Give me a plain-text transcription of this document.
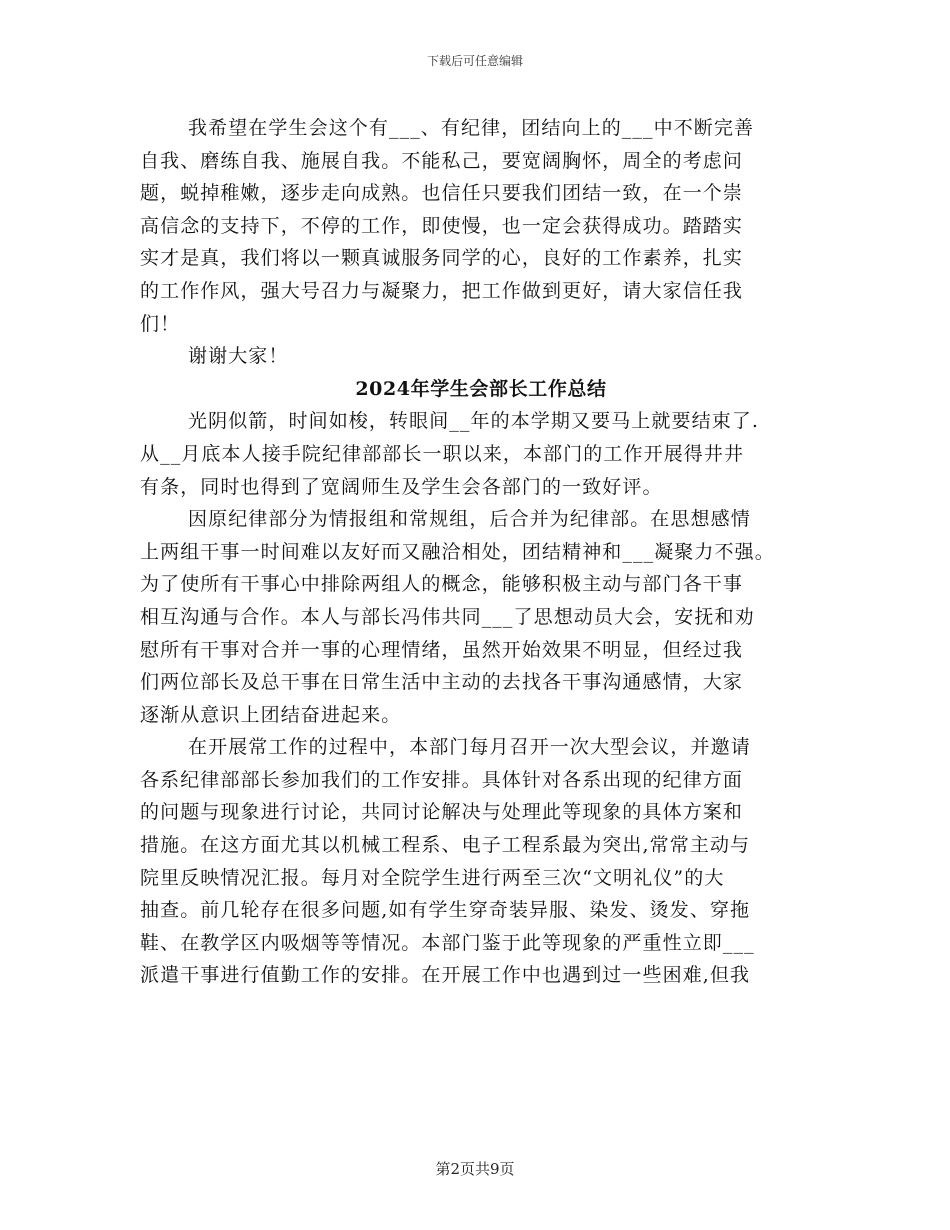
下载后可任意编辑
我希望在学生会这个有___、有纪律，团结向上的___中不断完善
自我、磨练自我、施展自我。不能私己，要宽阔胸怀，周全的考虑问
题，蜕掉稚嫩，逐步走向成熟。也信任只要我们团结一致，在一个崇
高信念的支持下，不停的工作，即使慢，也一定会获得成功。踏踏实
实才是真，我们将以一颗真诚服务同学的心，良好的工作素养，扎实
的工作作风，强大号召力与凝聚力，把工作做到更好，请大家信任我
们！
谢谢大家！
2024年学生会部长工作总结
光阴似箭，时间如梭，转眼间__年的本学期又要马上就要结束了.
从__月底本人接手院纪律部部长一职以来，本部门的工作开展得井井
有条，同时也得到了宽阔师生及学生会各部门的一致好评。
因原纪律部分为情报组和常规组，后合并为纪律部。在思想感情
上两组干事一时间难以友好而又融洽相处，团结精神和___凝聚力不强。
为了使所有干事心中排除两组人的概念，能够积极主动与部门各干事
相互沟通与合作。本人与部长冯伟共同___了思想动员大会，安抚和劝
慰所有干事对合并一事的心理情绪，虽然开始效果不明显，但经过我
们两位部长及总干事在日常生活中主动的去找各干事沟通感情，大家
逐渐从意识上团结奋进起来。
在开展常工作的过程中，本部门每月召开一次大型会议，并邀请
各系纪律部部长参加我们的工作安排。具体针对各系出现的纪律方面
的问题与现象进行讨论，共同讨论解决与处理此等现象的具体方案和
措施。在这方面尤其以机械工程系、电子工程系最为突出,常常主动与
院里反映情况汇报。每月对全院学生进行两至三次“文明礼仪”的大
抽查。前几轮存在很多问题,如有学生穿奇装异服、染发、烫发、穿拖
鞋、在教学区内吸烟等等情况。本部门鉴于此等现象的严重性立即___
派遣干事进行值勤工作的安排。在开展工作中也遇到过一些困难,但我
第2页共9页
